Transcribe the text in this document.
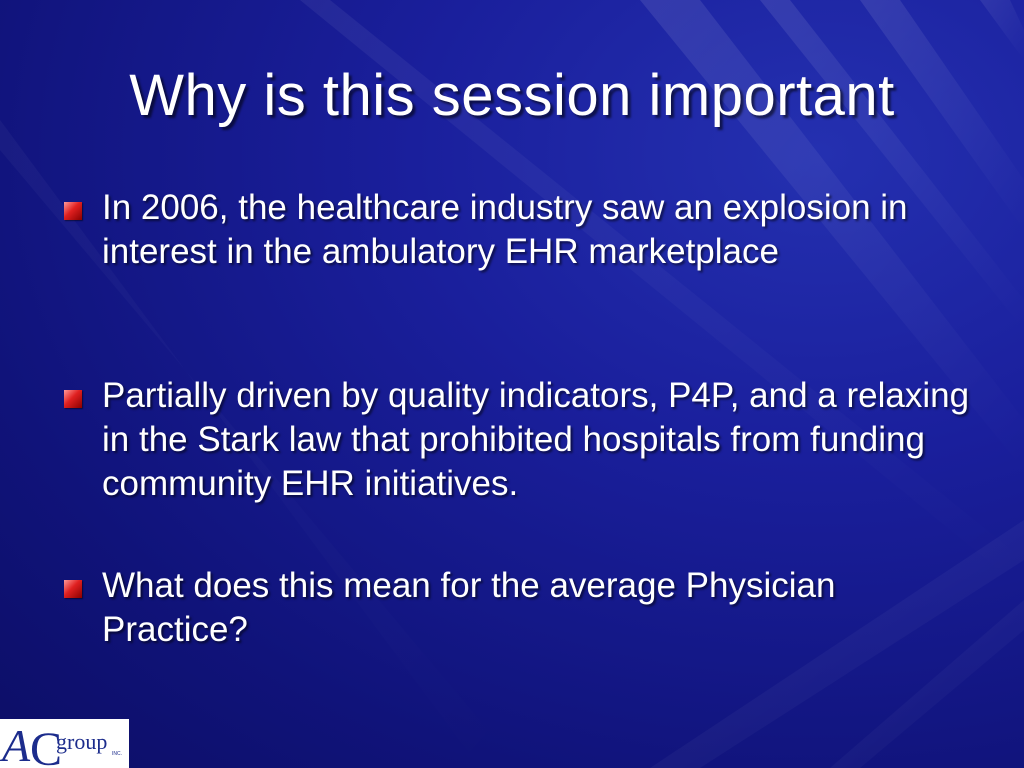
Why is this session important
In 2006, the healthcare industry saw an explosion in interest in the ambulatory EHR marketplace
Partially driven by quality indicators, P4P, and a relaxing in the Stark law that prohibited hospitals from funding community EHR initiatives.
What does this mean for the average Physician Practice?
A C
group INC.
